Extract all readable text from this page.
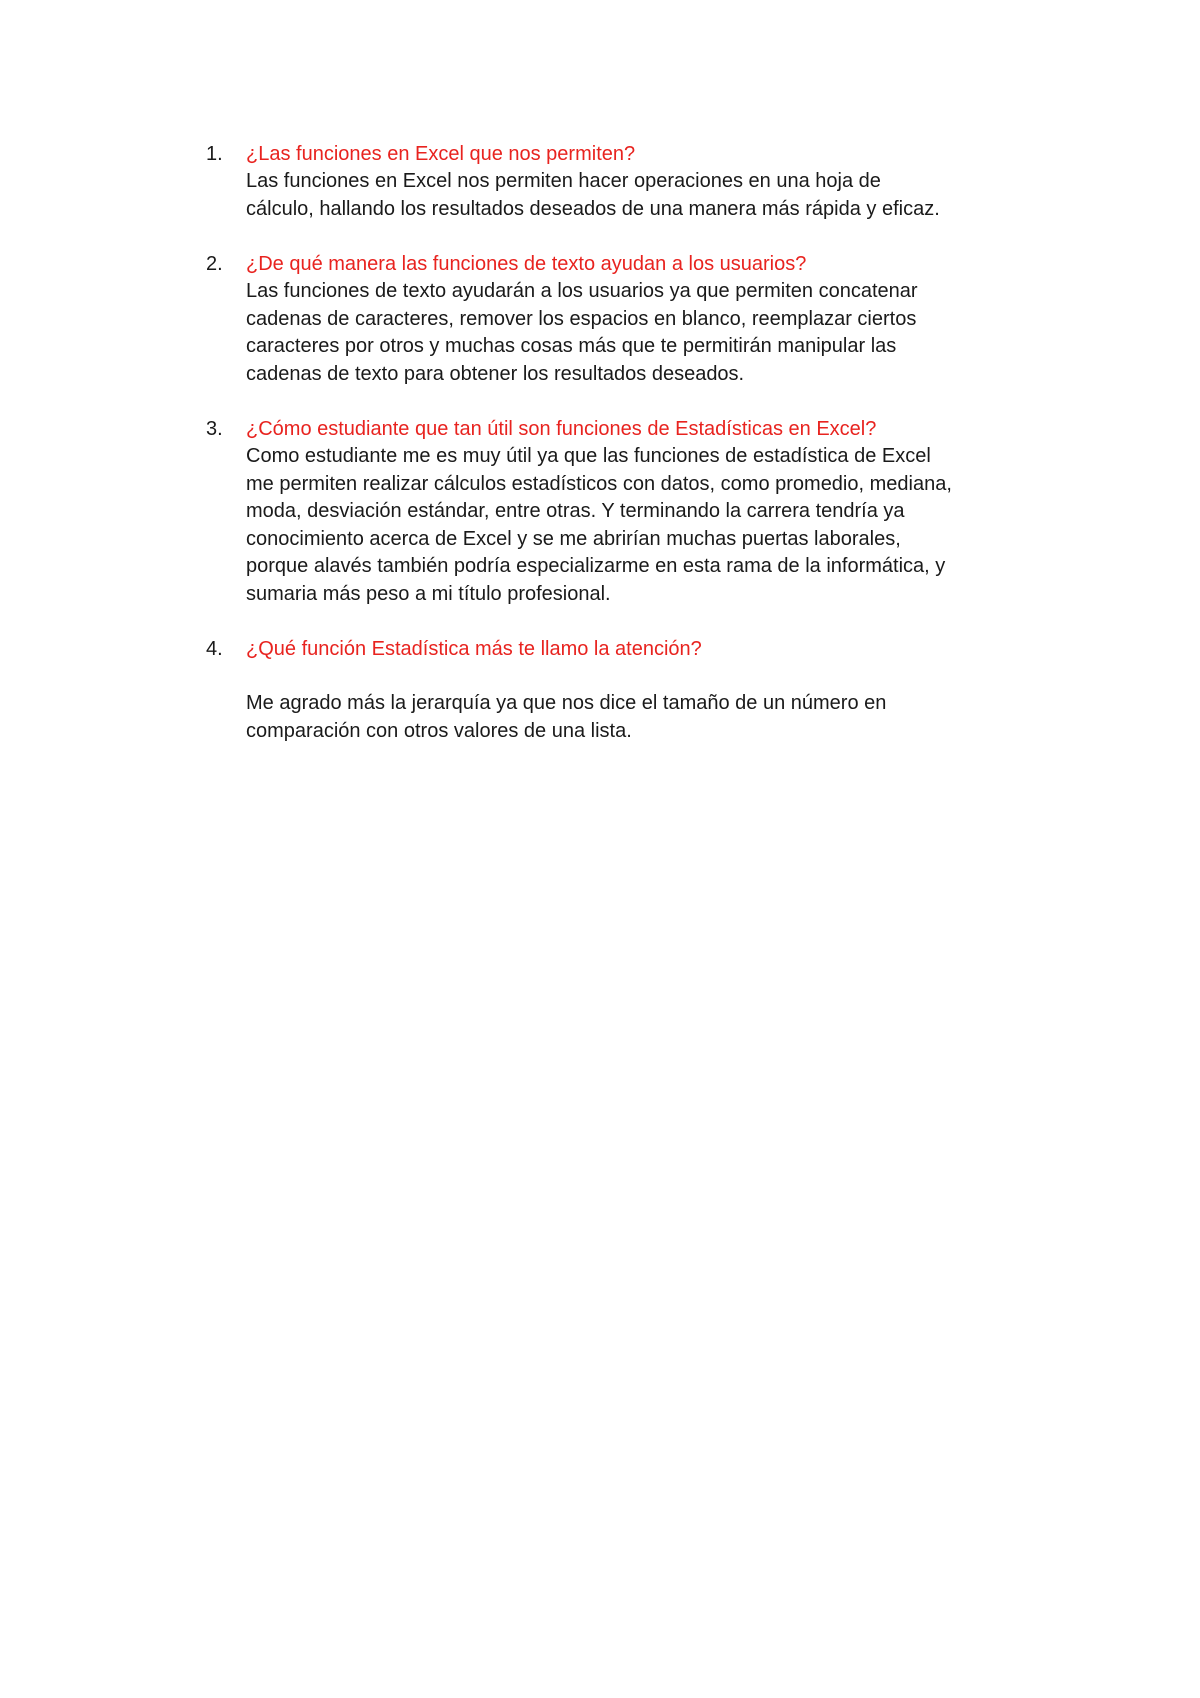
1. ¿Las funciones en Excel que nos permiten?

Las funciones en Excel nos permiten hacer operaciones en una hoja de
cálculo, hallando los resultados deseados de una manera más rápida y eficaz.

2. ¿De qué manera las funciones de texto ayudan a los usuarios?

Las funciones de texto ayudarán a los usuarios ya que permiten concatenar
cadenas de caracteres, remover los espacios en blanco, reemplazar ciertos
caracteres por otros y muchas cosas más que te permitirán manipular las
cadenas de texto para obtener los resultados deseados.

3. ¿Cómo estudiante que tan útil son funciones de Estadísticas en Excel?

Como estudiante me es muy útil ya que las funciones de estadística de Excel
me permiten realizar cálculos estadísticos con datos, como promedio, mediana,
moda, desviación estándar, entre otras. Y terminando la carrera tendría ya
conocimiento acerca de Excel y se me abrirían muchas puertas laborales,
porque alavés también podría especializarme en esta rama de la informática, y
sumaria más peso a mi título profesional.

4. ¿Qué función Estadística más te llamo la atención?

Me agrado más la jerarquía ya que nos dice el tamaño de un número en
comparación con otros valores de una lista.
